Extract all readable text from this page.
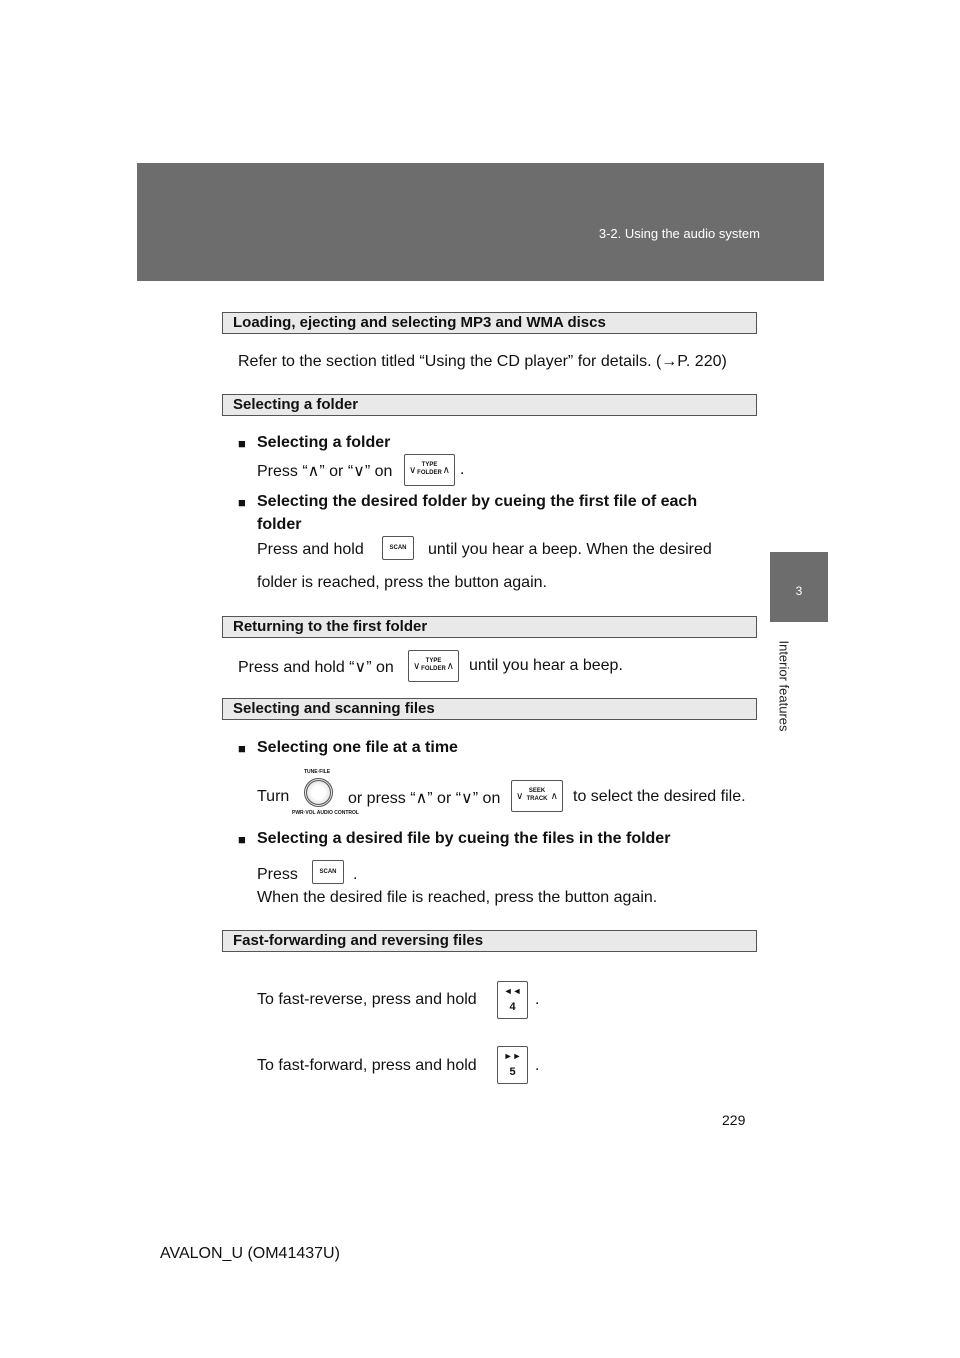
3-2. Using the audio system
3
Interior features
Loading, ejecting and selecting MP3 and WMA discs
Refer to the section titled “Using the CD player” for details. (→P. 220)
Selecting a folder
■ Selecting a folder
Press “∧” or “∨” on	TYPE
FOLDER
∨	∧ .
■ Selecting the desired folder by cueing the first file of each
folder
Press and hold	SCAN	until you hear a beep. When the desired
folder is reached, press the button again.
Returning to the first folder
Press and hold “∨” on	TYPE
FOLDER
∨	∧ until you hear a beep.
Selecting and scanning files
■ Selecting one file at a time
Turn
TUNE·FILE
PWR·VOL AUDIO CONTROL
or press “∧” or “∨” on	SEEK
TRACK
∨	∧ to select the desired file.
■ Selecting a desired file by cueing the files in the folder
Press	SCAN	.
When the desired file is reached, press the button again.
Fast-forwarding and reversing files
To fast-reverse, press and hold	◄◄
4	.
To fast-forward, press and hold
►►
5	.
229
AVALON_U (OM41437U)
